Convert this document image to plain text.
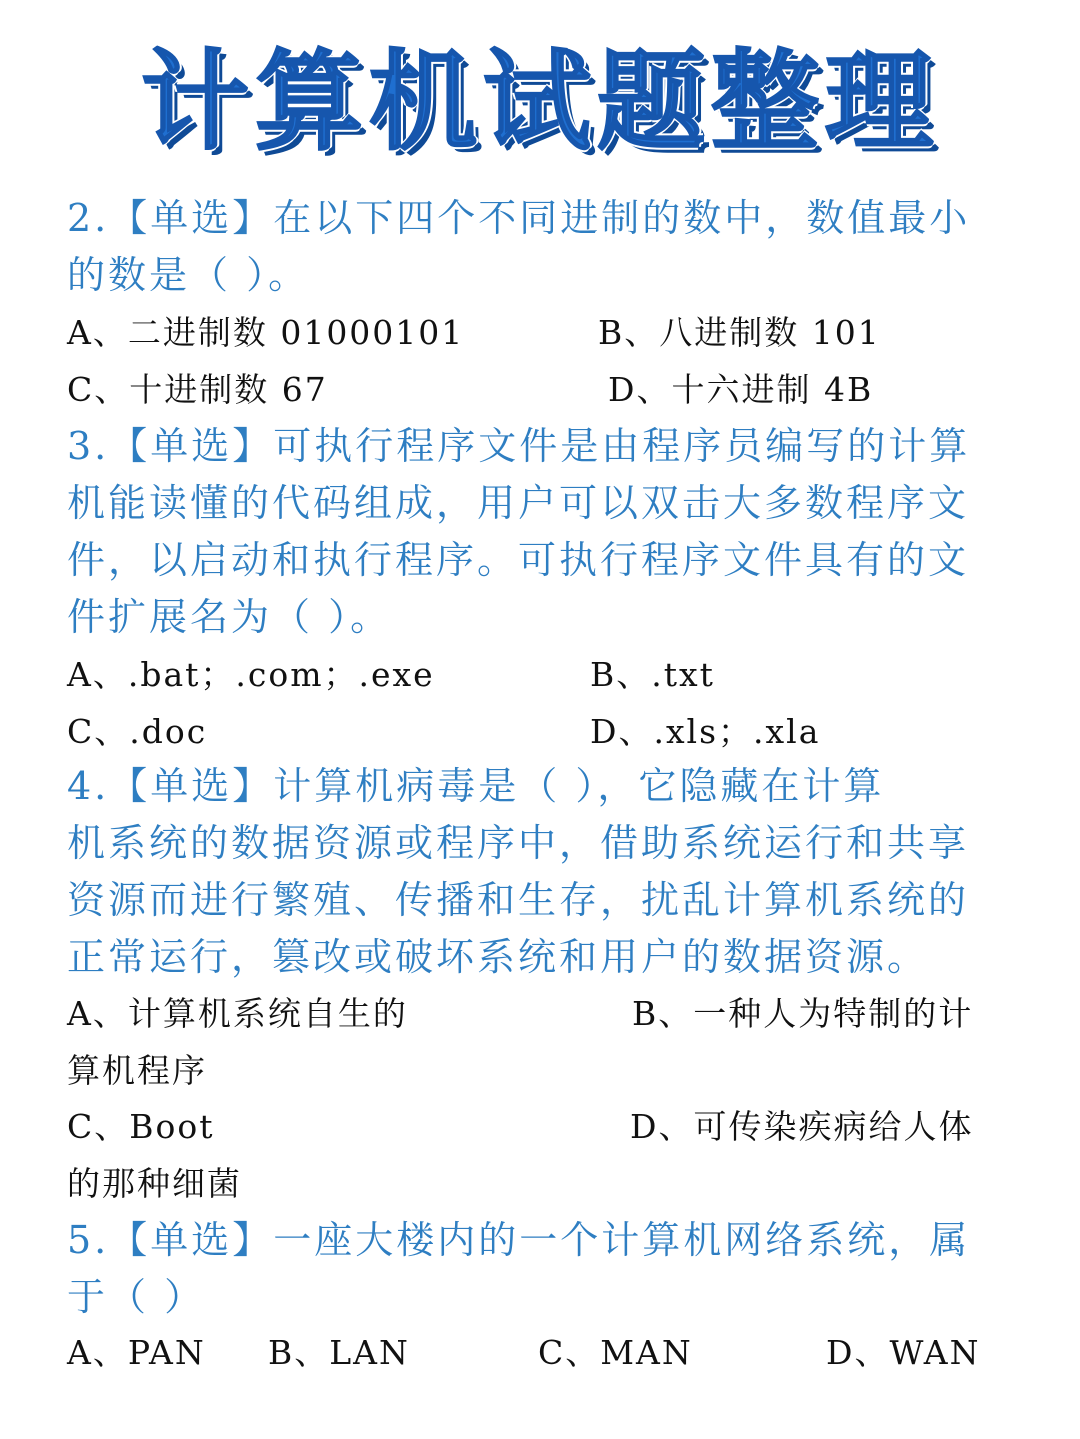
计算机试题整理
2.【单选】在以下四个不同进制的数中，数值最小
的数是（ ）。
A、二进制数 01000101	B、八进制数 101
C、十进制数 67	D、十六进制 4B
3.【单选】可执行程序文件是由程序员编写的计算
机能读懂的代码组成，用户可以双击大多数程序文
件，以启动和执行程序。可执行程序文件具有的文
件扩展名为（ ）。
A、.bat；.com；.exe	B、.txt
C、.doc	D、.xls；.xla
4.【单选】计算机病毒是（ ），它隐藏在计算
机系统的数据资源或程序中，借助系统运行和共享
资源而进行繁殖、传播和生存，扰乱计算机系统的
正常运行，篡改或破坏系统和用户的数据资源。
A、计算机系统自生的	B、一种人为特制的计
算机程序
C、Boot	D、可传染疾病给人体
的那种细菌
5.【单选】一座大楼内的一个计算机网络系统，属
于（ ）
A、PAN B、LAN	C、MAN	D、WAN
